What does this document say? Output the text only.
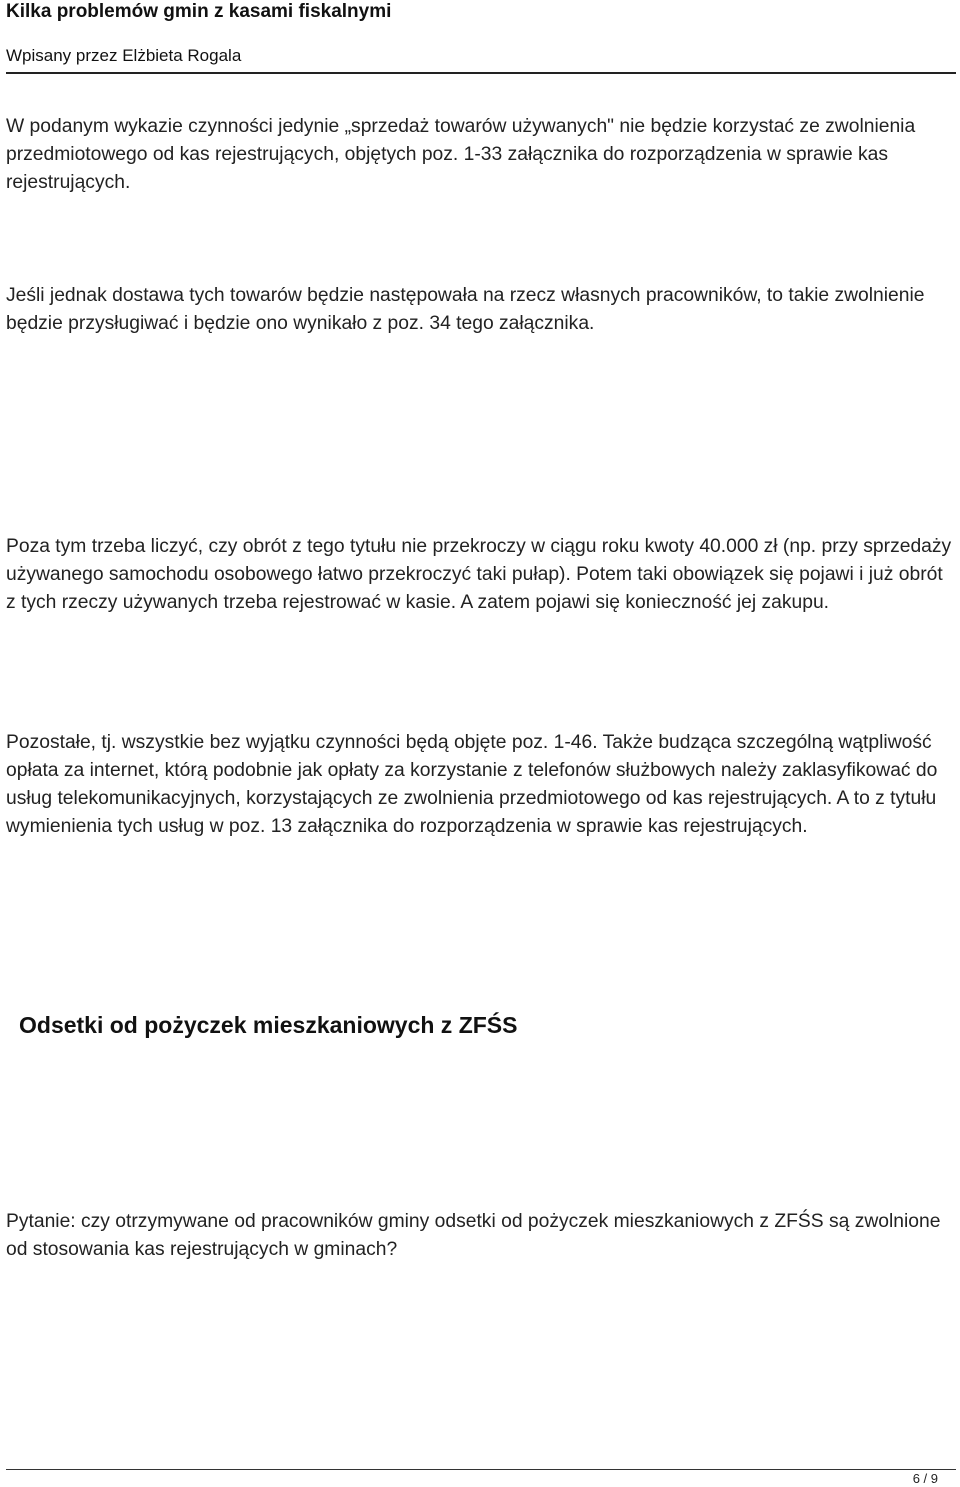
Kilka problemów gmin z kasami fiskalnymi
Wpisany przez Elżbieta Rogala

W podanym wykazie czynności jedynie „sprzedaż towarów używanych" nie będzie korzystać ze zwolnienia przedmiotowego od kas rejestrujących, objętych poz. 1-33 załącznika do rozporządzenia w sprawie kas rejestrujących.

Jeśli jednak dostawa tych towarów będzie następowała na rzecz własnych pracowników, to takie zwolnienie będzie przysługiwać i będzie ono wynikało z poz. 34 tego załącznika.

Poza tym trzeba liczyć, czy obrót z tego tytułu nie przekroczy w ciągu roku kwoty 40.000 zł (np. przy sprzedaży używanego samochodu osobowego łatwo przekroczyć taki pułap). Potem taki obowiązek się pojawi i już obrót z tych rzeczy używanych trzeba rejestrować w kasie. A zatem pojawi się konieczność jej zakupu.

Pozostałe, tj. wszystkie bez wyjątku czynności będą objęte poz. 1-46. Także budząca szczególną wątpliwość opłata za internet, którą podobnie jak opłaty za korzystanie z telefonów służbowych należy zaklasyfikować do usług telekomunikacyjnych, korzystających ze zwolnienia przedmiotowego od kas rejestrujących. A to z tytułu wymienienia tych usług w poz. 13 załącznika do rozporządzenia w sprawie kas rejestrujących.

Odsetki od pożyczek mieszkaniowych z ZFŚS

Pytanie: czy otrzymywane od pracowników gminy odsetki od pożyczek mieszkaniowych z ZFŚS są zwolnione od stosowania kas rejestrujących w gminach?

6 / 9
